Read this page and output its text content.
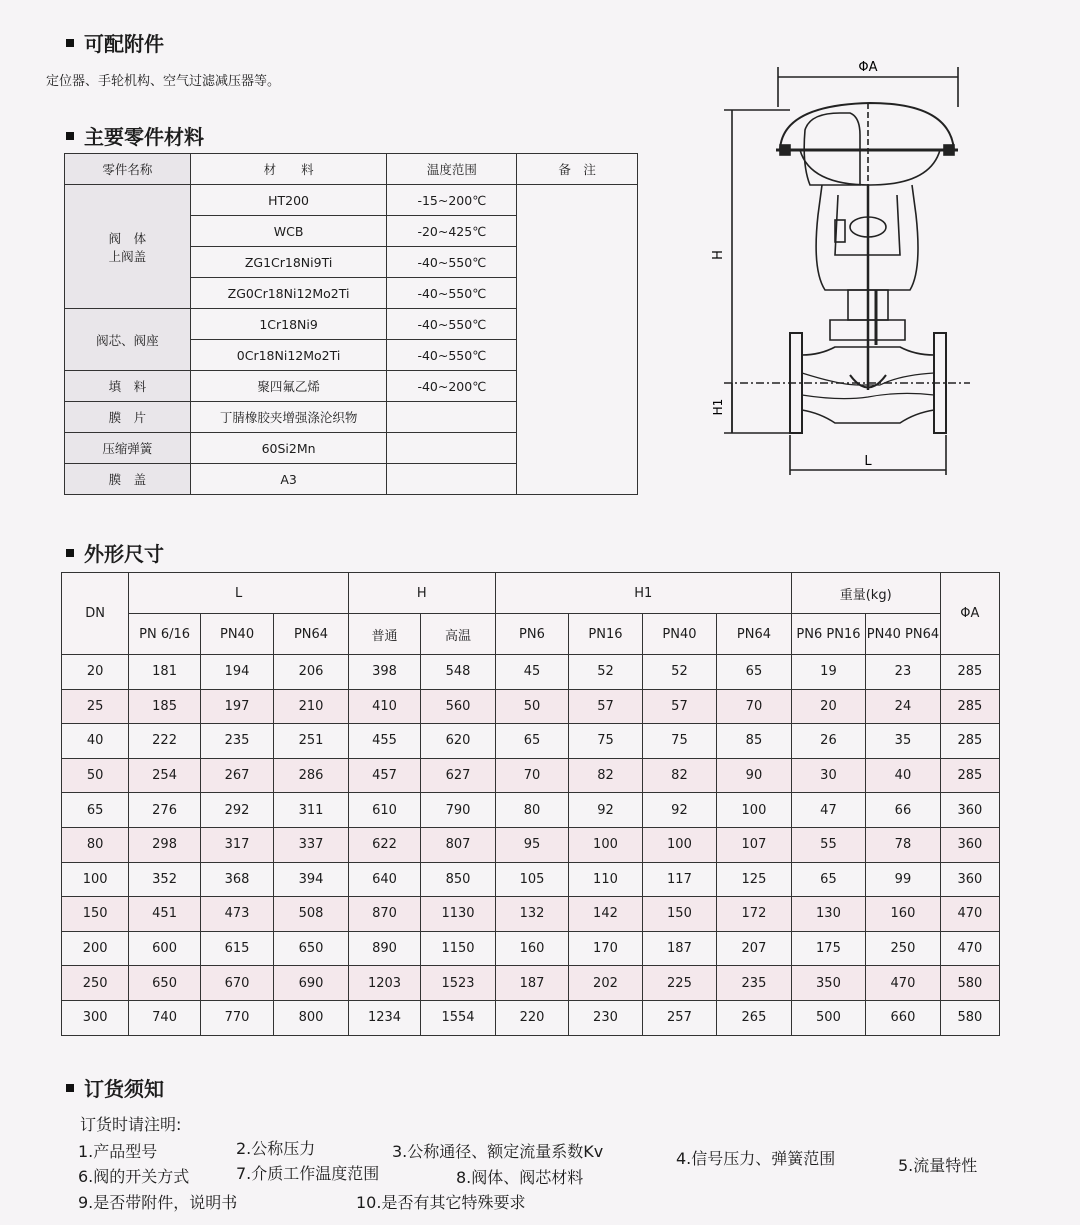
可配附件
定位器、手轮机构、空气过滤减压器等。
主要零件材料
零件名称	材　　料	温度范围	备　注

阀　体
上阀盖	HT200	-15~200℃	
	WCB	-20~425℃	
	ZG1Cr18Ni9Ti	-40~550℃	
	ZG0Cr18Ni12Mo2Ti	-40~550℃	
阀芯、阀座	1Cr18Ni9	-40~550℃	
	0Cr18Ni12Mo2Ti	-40~550℃	
填　料	聚四氟乙烯	-40~200℃	
膜　片	丁腈橡胶夹增强涤沦织物		
压缩弹簧	60Si2Mn		
膜　盖	A3		
ΦA
H
H1
L
外形尺寸
DN	L			H		H1				重量(kg)		ΦA
	PN 6/16	PN40	PN64	普通	高温	PN6	PN16	PN40	PN64	PN6 PN16	PN40 PN64	
20	181	194	206	398	548	45	52	52	65	19	23	285
25	185	197	210	410	560	50	57	57	70	20	24	285
40	222	235	251	455	620	65	75	75	85	26	35	285
50	254	267	286	457	627	70	82	82	90	30	40	285
65	276	292	311	610	790	80	92	92	100	47	66	360
80	298	317	337	622	807	95	100	100	107	55	78	360
100	352	368	394	640	850	105	110	117	125	65	99	360
150	451	473	508	870	1130	132	142	150	172	130	160	470
200	600	615	650	890	1150	160	170	187	207	175	250	470
250	650	670	690	1203	1523	187	202	225	235	350	470	580
300	740	770	800	1234	1554	220	230	257	265	500	660	580
订货须知
订货时请注明:
1.产品型号	2.公称压力	3.公称通径、额定流量系数Kv	4.信号压力、弹簧范围	5.流量特性
6.阀的开关方式	7.介质工作温度范围	8.阀体、阀芯材料
9.是否带附件，说明书	10.是否有其它特殊要求
